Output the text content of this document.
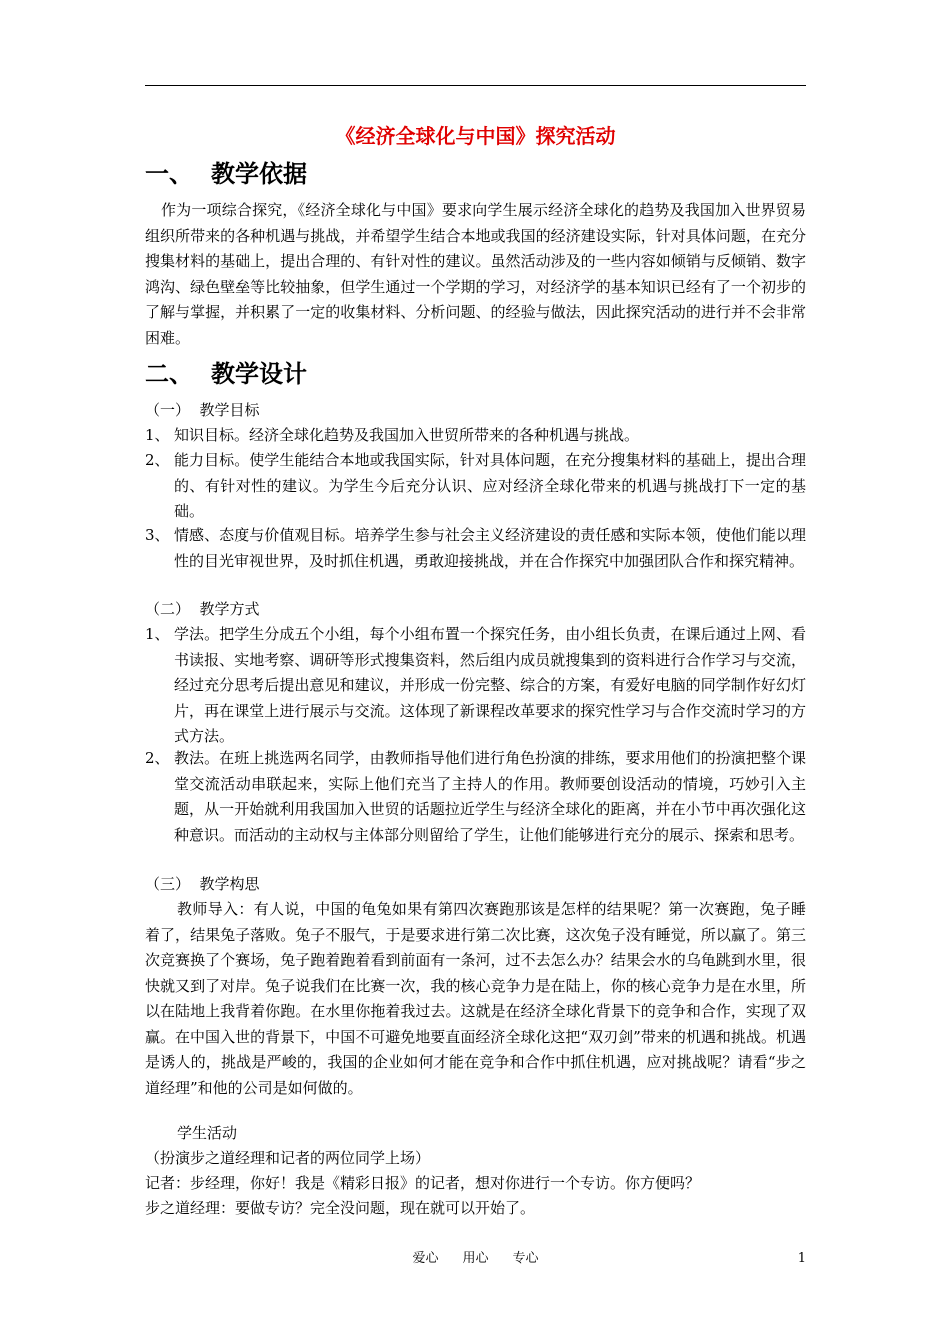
《经济全球化与中国》探究活动
一、 教学依据
作为一项综合探究，《经济全球化与中国》要求向学生展示经济全球化的趋势及我国加入世界贸易组织所带来的各种机遇与挑战，并希望学生结合本地或我国的经济建设实际，针对具体问题，在充分搜集材料的基础上，提出合理的、有针对性的建议。虽然活动涉及的一些内容如倾销与反倾销、数字鸿沟、绿色壁垒等比较抽象，但学生通过一个学期的学习，对经济学的基本知识已经有了一个初步的了解与掌握，并积累了一定的收集材料、分析问题、的经验与做法，因此探究活动的进行并不会非常困难。
二、 教学设计
（一）  教学目标
1、 知识目标。经济全球化趋势及我国加入世贸所带来的各种机遇与挑战。
2、 能力目标。使学生能结合本地或我国实际，针对具体问题，在充分搜集材料的基础上，提出合理的、有针对性的建议。为学生今后充分认识、应对经济全球化带来的机遇与挑战打下一定的基础。
3、 情感、态度与价值观目标。培养学生参与社会主义经济建设的责任感和实际本领，使他们能以理性的目光审视世界，及时抓住机遇，勇敢迎接挑战，并在合作探究中加强团队合作和探究精神。
（二）  教学方式
1、 学法。把学生分成五个小组，每个小组布置一个探究任务，由小组长负责，在课后通过上网、看书读报、实地考察、调研等形式搜集资料，然后组内成员就搜集到的资料进行合作学习与交流，经过充分思考后提出意见和建议，并形成一份完整、综合的方案，有爱好电脑的同学制作好幻灯片，再在课堂上进行展示与交流。这体现了新课程改革要求的探究性学习与合作交流时学习的方式方法。
2、 教法。在班上挑选两名同学，由教师指导他们进行角色扮演的排练，要求用他们的扮演把整个课堂交流活动串联起来，实际上他们充当了主持人的作用。教师要创设活动的情境，巧妙引入主题，从一开始就利用我国加入世贸的话题拉近学生与经济全球化的距离，并在小节中再次强化这种意识。而活动的主动权与主体部分则留给了学生，让他们能够进行充分的展示、探索和思考。
（三）  教学构思
教师导入：有人说，中国的龟兔如果有第四次赛跑那该是怎样的结果呢？第一次赛跑，兔子睡着了，结果兔子落败。兔子不服气，于是要求进行第二次比赛，这次兔子没有睡觉，所以赢了。第三次竞赛换了个赛场，兔子跑着跑着看到前面有一条河，过不去怎么办？结果会水的乌龟跳到水里，很快就又到了对岸。兔子说我们在比赛一次，我的核心竞争力是在陆上，你的核心竞争力是在水里，所以在陆地上我背着你跑。在水里你拖着我过去。这就是在经济全球化背景下的竞争和合作，实现了双赢。在中国入世的背景下，中国不可避免地要直面经济全球化这把“双刃剑”带来的机遇和挑战。机遇是诱人的，挑战是严峻的，我国的企业如何才能在竞争和合作中抓住机遇，应对挑战呢？请看“步之道经理”和他的公司是如何做的。
学生活动
（扮演步之道经理和记者的两位同学上场）
记者：步经理，你好！我是《精彩日报》的记者，想对你进行一个专访。你方便吗？
步之道经理：要做专访？完全没问题，现在就可以开始了。
爱心 用心 专心	1
